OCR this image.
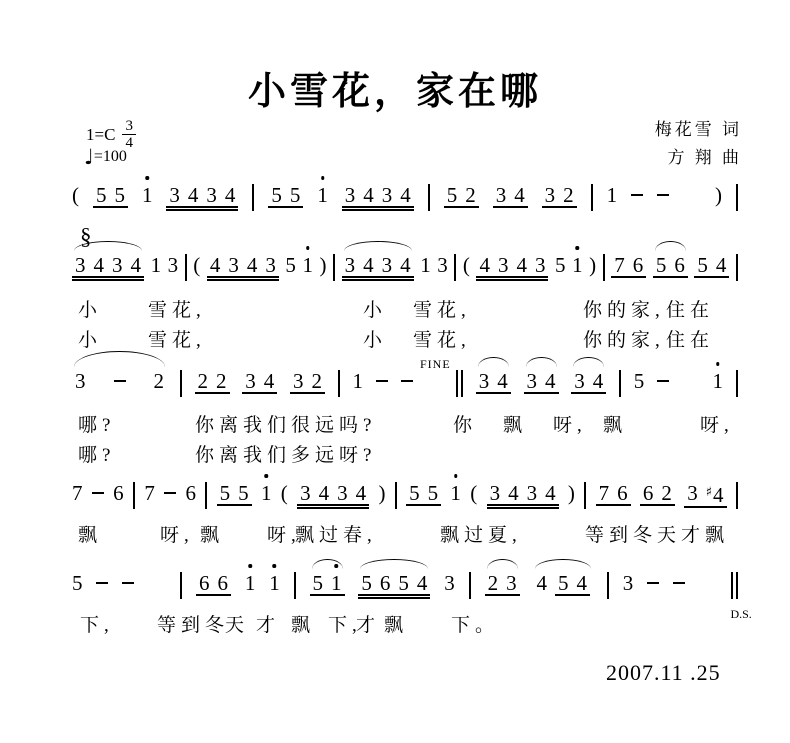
小雪花，家在哪
$1=C \frac{3}{4}$
♩ =100
梅花雪 词
方 翔 曲
( 5 5 1 3 4 3 4 5 5 1 3 4 3 4 5 2 3 4 3 2 1	)
§
3 4 3 4 1 3 ( 4 3 4 3 5 1 ) 3 4 3 4 1 3 ( 4 3 4 3 5 1 ) 7 6 5 6 5 4
3	2 2 2 3 4 3 2 1
FINE
3 4 3 4 3 4 5	1
7 6 7 6 5 5 1 ( 3 4 3 4 ) 5 5 1 ( 3 4 3 4 ) 7 6 6 2 3 ♯4
5	6 6 1 1 5 1 5 6 5 4 3 2 3 4 5 4 3
D.S.
小 雪花,	小 雪花,	你的家, 住在
小 雪花,	小 雪花,	你的家, 住在
哪?	你离我们很远吗?	你 飘 呀, 飘	呀,
哪?	你离我们多远呀?
飘	呀, 飘 呀,
飘过春,	飘过夏,	等到冬天才飘
下, 等到冬
天 才 飘 下,
才 飘 下。
2007.11 .25
